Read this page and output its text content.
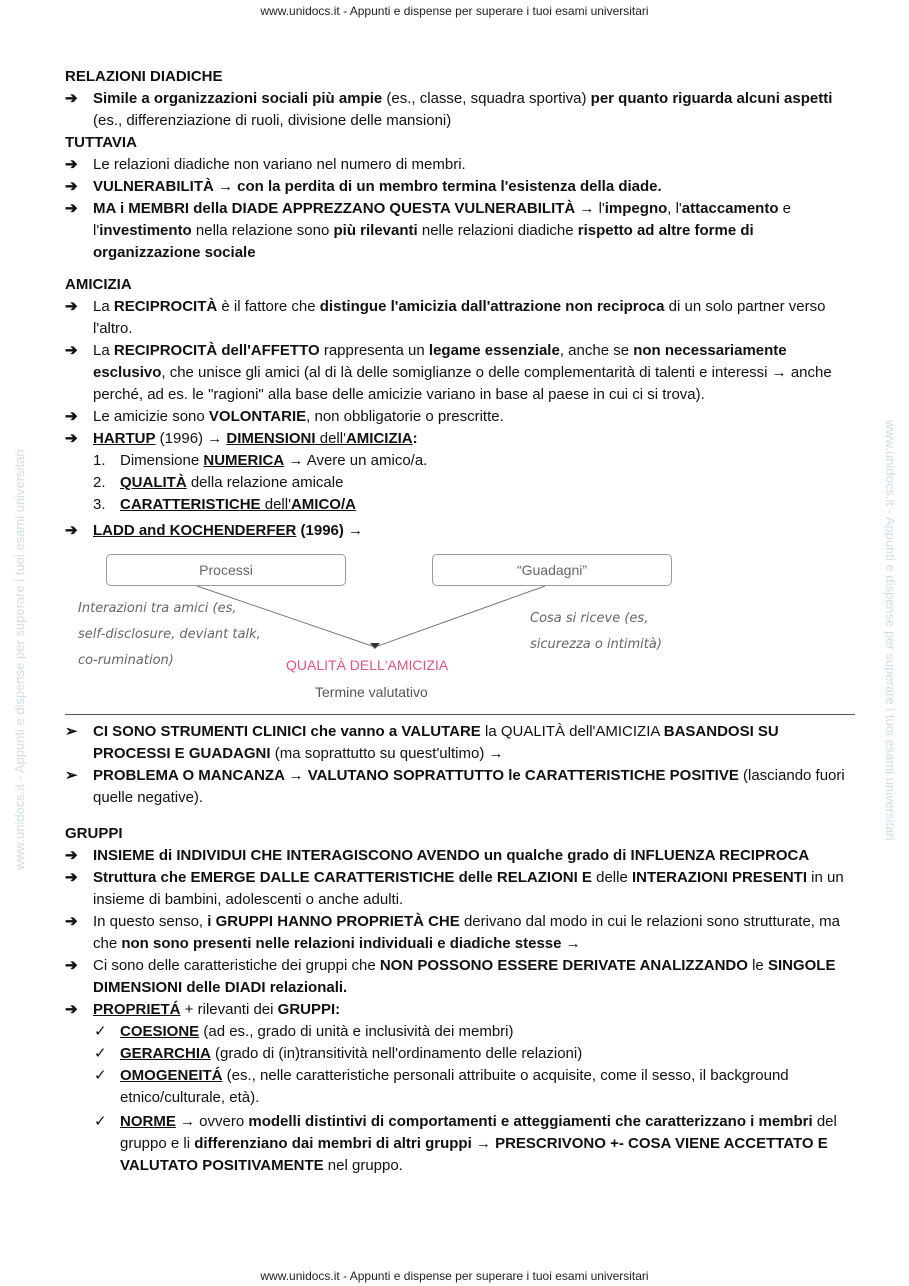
www.unidocs.it - Appunti e dispense per superare i tuoi esami universitari
www.unidocs.it - Appunti e dispense per superare i tuoi esami universitari
www.unidocs.it - Appunti e dispense per superare i tuoi esami universitari	www.unidocs.it - Appunti e dispense per superare i tuoi esami universitari
RELAZIONI DIADICHE
➔ Simile a organizzazioni sociali più ampie (es., classe, squadra sportiva) per quanto riguarda alcuni aspetti (es., differenziazione di ruoli, divisione delle mansioni)
TUTTAVIA
➔ Le relazioni diadiche non variano nel numero di membri.
➔ VULNERABILITÀ → con la perdita di un membro termina l'esistenza della diade.
➔ MA i MEMBRI della DIADE APPREZZANO QUESTA VULNERABILITÀ → l'impegno, l'attaccamento e l'investimento nella relazione sono più rilevanti nelle relazioni diadiche rispetto ad altre forme di organizzazione sociale
AMICIZIA
➔ La RECIPROCITÀ è il fattore che distingue l'amicizia dall'attrazione non reciproca di un solo partner verso l'altro.
➔ La RECIPROCITÀ dell'AFFETTO rappresenta un legame essenziale, anche se non necessariamente esclusivo, che unisce gli amici (al di là delle somiglianze o delle complementarità di talenti e interessi → anche perché, ad es. le "ragioni" alla base delle amicizie variano in base al paese in cui ci si trova).
➔ Le amicizie sono VOLONTARIE, non obbligatorie o prescritte.
➔ HARTUP (1996) → DIMENSIONI dell'AMICIZIA:
1. Dimensione NUMERICA → Avere un amico/a.
2. QUALITÀ della relazione amicale
3. CARATTERISTICHE dell'AMICO/A
➔ LADD and KOCHENDERFER (1996) →
Processi	“Guadagni”
Interazioni tra amici (es,
self-disclosure, deviant talk,
co-rumination)
Cosa si riceve (es,
sicurezza o intimità)
QUALITÀ DELL'AMICIZIA
Termine valutativo
➢ CI SONO STRUMENTI CLINICI che vanno a VALUTARE la QUALITÀ dell'AMICIZIA BASANDOSI SU PROCESSI E GUADAGNI (ma soprattutto su quest'ultimo) →
➢ PROBLEMA O MANCANZA → VALUTANO SOPRATTUTTO le CARATTERISTICHE POSITIVE (lasciando fuori quelle negative).
GRUPPI
➔ INSIEME di INDIVIDUI CHE INTERAGISCONO AVENDO un qualche grado di INFLUENZA RECIPROCA
➔ Struttura che EMERGE DALLE CARATTERISTICHE delle RELAZIONI E delle INTERAZIONI PRESENTI in un insieme di bambini, adolescenti o anche adulti.
➔ In questo senso, i GRUPPI HANNO PROPRIETÀ CHE derivano dal modo in cui le relazioni sono strutturate, ma che non sono presenti nelle relazioni individuali e diadiche stesse →
➔ Ci sono delle caratteristiche dei gruppi che NON POSSONO ESSERE DERIVATE ANALIZZANDO le SINGOLE DIMENSIONI delle DIADI relazionali.
➔ PROPRIETÁ + rilevanti dei GRUPPI:
✓ COESIONE (ad es., grado di unità e inclusività dei membri)
✓ GERARCHIA (grado di (in)transitività nell'ordinamento delle relazioni)
✓ OMOGENEITÁ (es., nelle caratteristiche personali attribuite o acquisite, come il sesso, il background etnico/culturale, età).
✓ NORME → ovvero modelli distintivi di comportamenti e atteggiamenti che caratterizzano i membri del gruppo e li differenziano dai membri di altri gruppi → PRESCRIVONO +- COSA VIENE ACCETTATO E VALUTATO POSITIVAMENTE nel gruppo.
